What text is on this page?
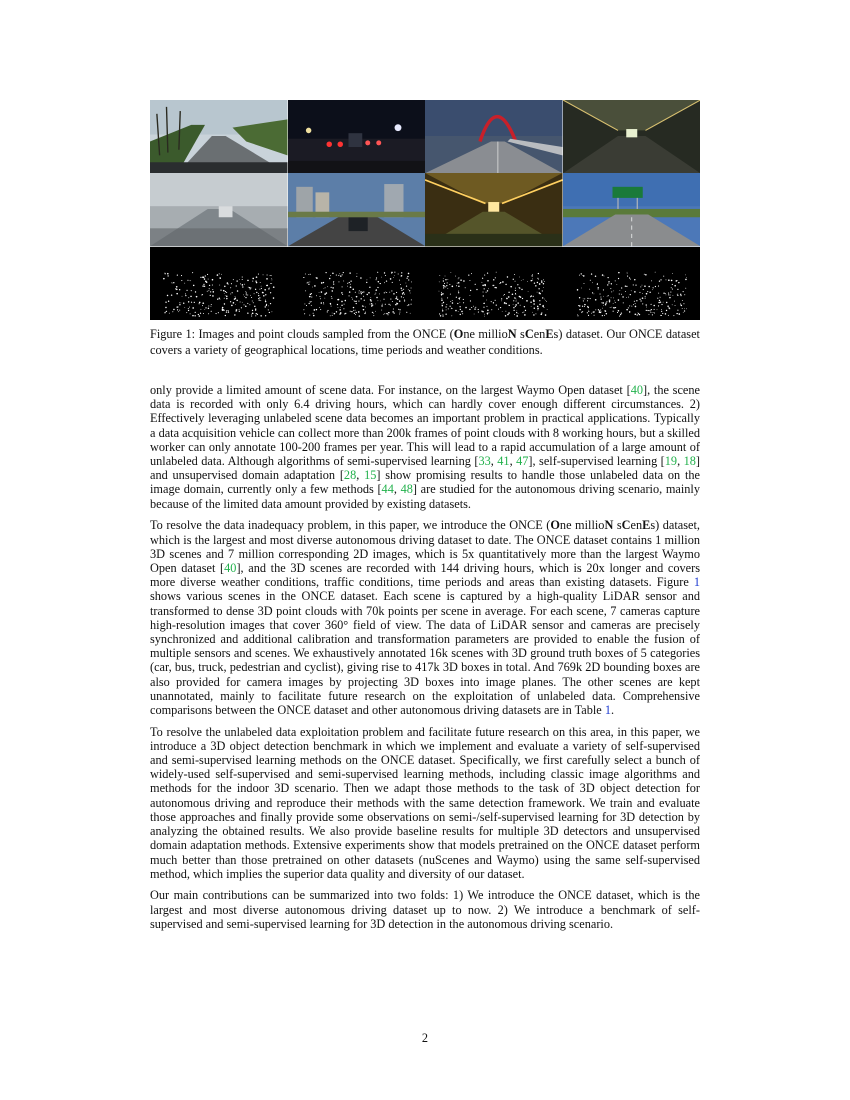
Figure 1: Images and point clouds sampled from the ONCE (One millioN sCenEs) dataset. Our ONCE dataset covers a variety of geographical locations, time periods and weather conditions.

only provide a limited amount of scene data. For instance, on the largest Waymo Open dataset [40], the scene data is recorded with only 6.4 driving hours, which can hardly cover enough different circumstances. 2) Effectively leveraging unlabeled scene data becomes an important problem in practical applications. Typically a data acquisition vehicle can collect more than 200k frames of point clouds with 8 working hours, but a skilled worker can only annotate 100-200 frames per year. This will lead to a rapid accumulation of a large amount of unlabeled data. Although algorithms of semi-supervised learning [33, 41, 47], self-supervised learning [19, 18] and unsupervised domain adaptation [28, 15] show promising results to handle those unlabeled data on the image domain, currently only a few methods [44, 48] are studied for the autonomous driving scenario, mainly because of the limited data amount provided by existing datasets.

To resolve the data inadequacy problem, in this paper, we introduce the ONCE (One millioN sCenEs) dataset, which is the largest and most diverse autonomous driving dataset to date. The ONCE dataset contains 1 million 3D scenes and 7 million corresponding 2D images, which is 5x quantitatively more than the largest Waymo Open dataset [40], and the 3D scenes are recorded with 144 driving hours, which is 20x longer and covers more diverse weather conditions, traffic conditions, time periods and areas than existing datasets. Figure 1 shows various scenes in the ONCE dataset. Each scene is captured by a high-quality LiDAR sensor and transformed to dense 3D point clouds with 70k points per scene in average. For each scene, 7 cameras capture high-resolution images that cover 360° field of view. The data of LiDAR sensor and cameras are precisely synchronized and additional calibration and transformation parameters are provided to enable the fusion of multiple sensors and scenes. We exhaustively annotated 16k scenes with 3D ground truth boxes of 5 categories (car, bus, truck, pedestrian and cyclist), giving rise to 417k 3D boxes in total. And 769k 2D bounding boxes are also provided for camera images by projecting 3D boxes into image planes. The other scenes are kept unannotated, mainly to facilitate future research on the exploitation of unlabeled data. Comprehensive comparisons between the ONCE dataset and other autonomous driving datasets are in Table 1.

To resolve the unlabeled data exploitation problem and facilitate future research on this area, in this paper, we introduce a 3D object detection benchmark in which we implement and evaluate a variety of self-supervised and semi-supervised learning methods on the ONCE dataset. Specifically, we first carefully select a bunch of widely-used self-supervised and semi-supervised learning methods, including classic image algorithms and methods for the indoor 3D scenario. Then we adapt those methods to the task of 3D object detection for autonomous driving and reproduce their methods with the same detection framework. We train and evaluate those approaches and finally provide some observations on semi-/self-supervised learning for 3D detection by analyzing the obtained results. We also provide baseline results for multiple 3D detectors and unsupervised domain adaptation methods. Extensive experiments show that models pretrained on the ONCE dataset perform much better than those pretrained on other datasets (nuScenes and Waymo) using the same self-supervised method, which implies the superior data quality and diversity of our dataset.

Our main contributions can be summarized into two folds: 1) We introduce the ONCE dataset, which is the largest and most diverse autonomous driving dataset up to now. 2) We introduce a benchmark of self-supervised and semi-supervised learning for 3D detection in the autonomous driving scenario.

2
